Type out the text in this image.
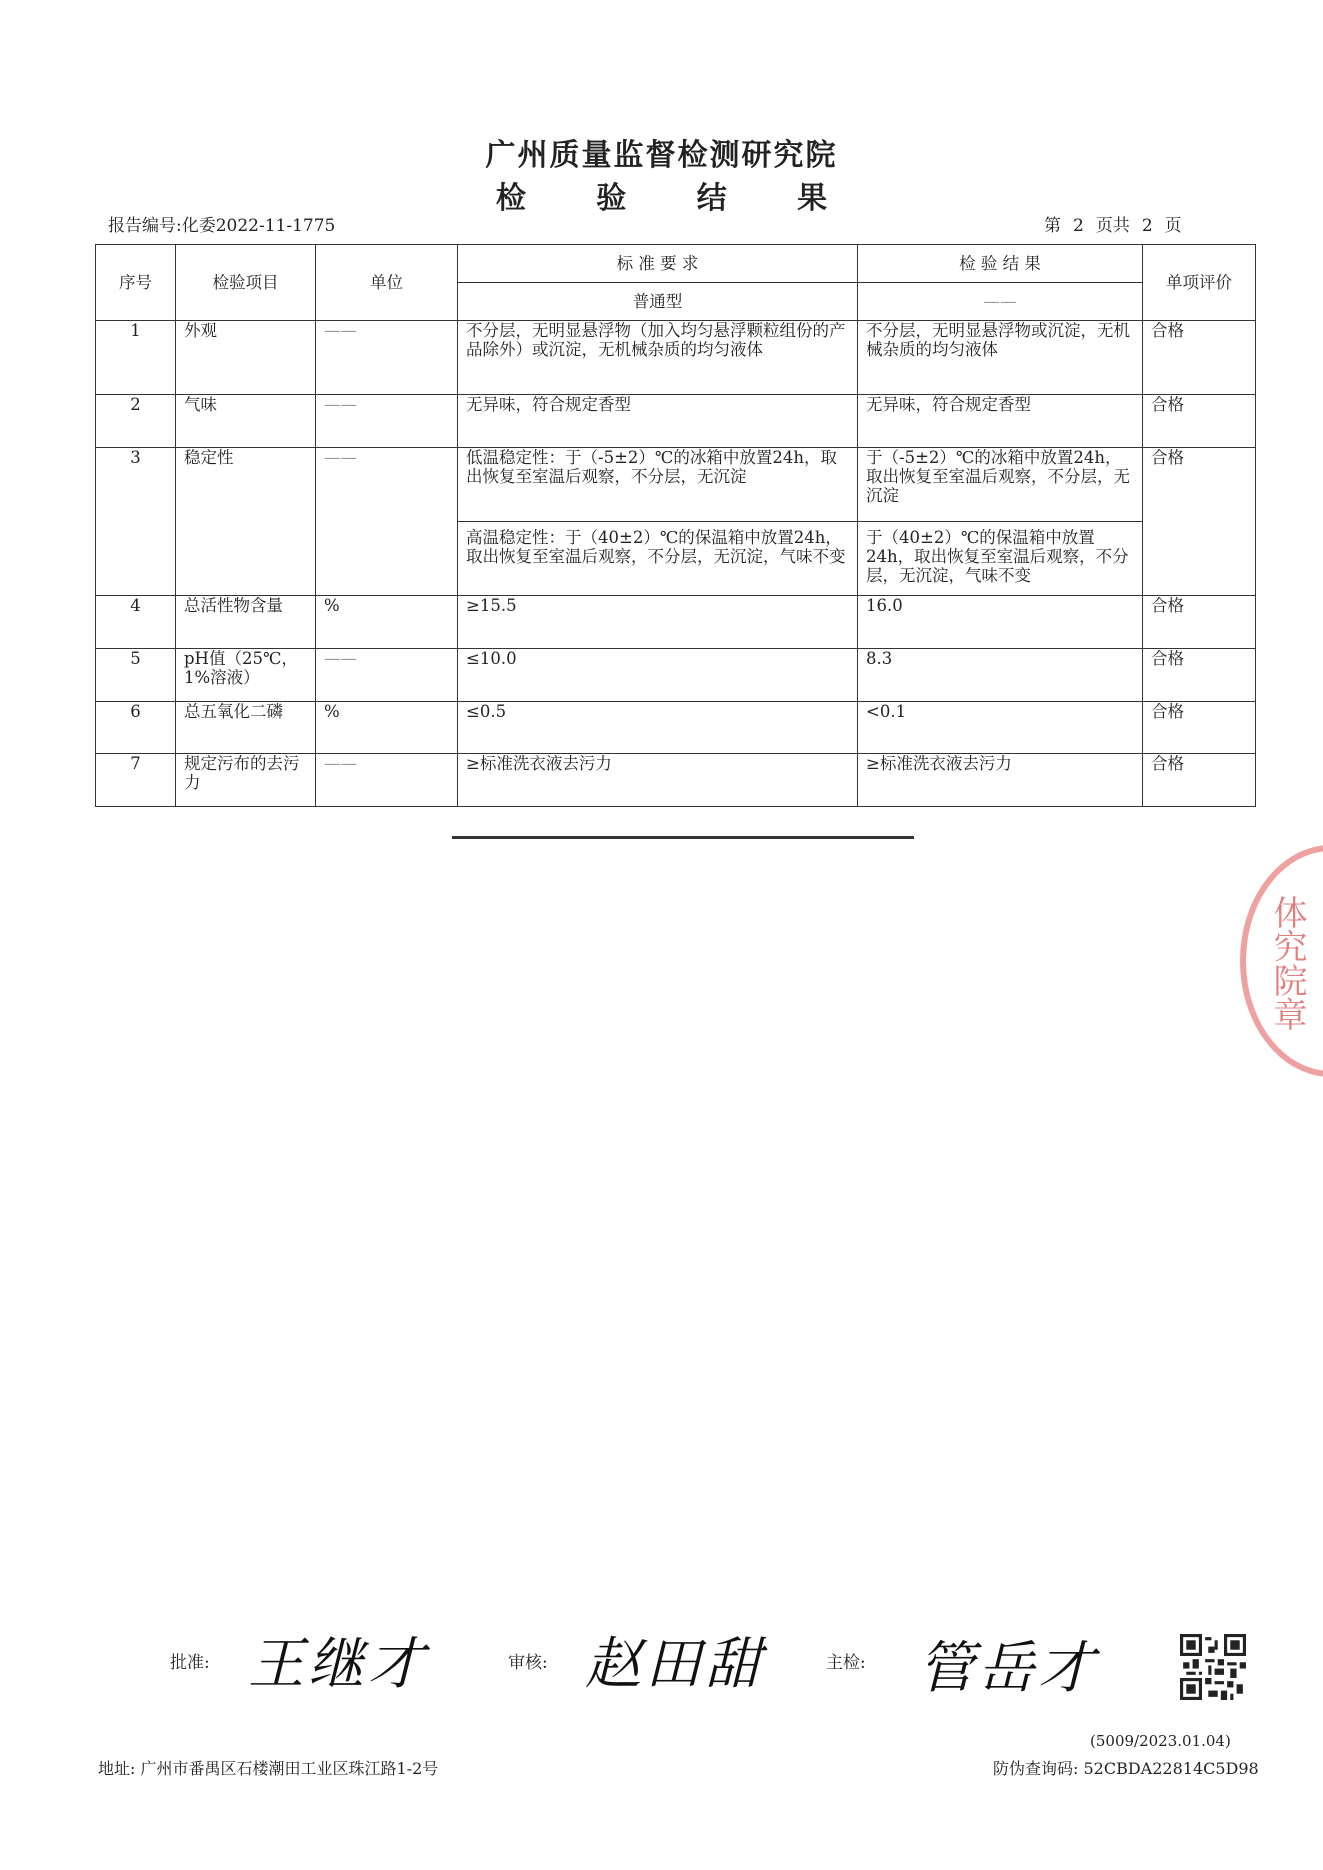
广州质量监督检测研究院
检 验 结 果
报告编号:化委2022-11-1775	第 2 页共 2 页
序号	检验项目	单位	标 准 要 求	检 验 结 果	单项评价
			普通型	——	
1	外观	——	不分层，无明显悬浮物（加入均匀悬浮颗粒组份的产品除外）或沉淀，无机械杂质的均匀液体	不分层，无明显悬浮物或沉淀，无机械杂质的均匀液体	合格
2	气味	——	无异味，符合规定香型	无异味，符合规定香型	合格
3	稳定性	——	低温稳定性：于（-5±2）℃的冰箱中放置24h，取出恢复至室温后观察，不分层，无沉淀	于（-5±2）℃的冰箱中放置24h，取出恢复至室温后观察，不分层，无沉淀	合格
			高温稳定性：于（40±2）℃的保温箱中放置24h，取出恢复至室温后观察，不分层，无沉淀，气味不变	于（40±2）℃的保温箱中放置24h，取出恢复至室温后观察，不分层，无沉淀，气味不变	
4	总活性物含量	%	≥15.5	16.0	合格
5	pH值（25℃，1%溶液）	——	≤10.0	8.3	合格
6	总五氧化二磷	%	≤0.5	<0.1	合格
7	规定污布的去污力	——	≥标准洗衣液去污力	≥标准洗衣液去污力	合格
体究院章
批准: 王继才	审核: 赵田甜	主检: 管岳才
(5009/2023.01.04)
地址: 广州市番禺区石楼潮田工业区珠江路1-2号	防伪查询码: 52CBDA22814C5D98
